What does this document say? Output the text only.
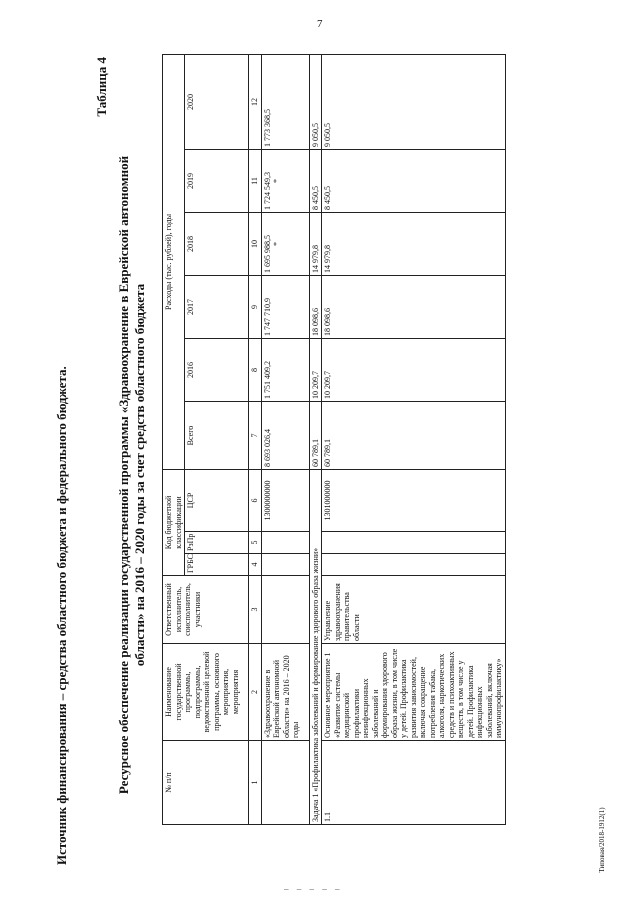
7
Типовая/2018-1912(1)
– – – – –
Источник финансирования – средства областного бюджета и федерального бюджета.
Таблица 4
Ресурсное обеспечение реализации государственной программы «Здравоохранение в Еврейской автономной области» на 2016 – 2020 годы за счет средств областного бюджета
№ п/п	Наименование государственной программы, подпрограммы, ведомственной целевой программы, основного мероприятия, мероприятия	Ответственный исполнитель, соисполнитель, участники	Код бюджетной классификации			Расходы (тыс. рублей), годы					
			ГРБС	РзПр	ЦСР	Всего	2016	2017	2018	2019	2020
1	2	3	4	5	6	7	8	9	10	11	12
	«Здравоохранение в Еврейской автономной области» на 2016 – 2020 годы				1300000000	8 693 026,4	1 751 409,2	1 747 710,9	1 695 988,5 *	1 724 549,3 *	1 773 368,5
Задача 1 «Профилактика заболеваний и формирование здорового образа жизни»						60 789,1	10 209,7	18 098,6	14 979,8	8 450,5	9 050,5
1.1	Основное мероприятие 1 «Развитие системы медицинской профилактики неинфекционных заболеваний и формирования здорового образа жизни, в том числе у детей. Профилактика развития зависимостей, включая сокращение потребления табака, алкоголя, наркотических средств и психоактивных веществ, в том числе у детей. Профилактика инфекционных заболеваний, включая иммунопрофилактику»	Управление здравоохранения правительства области			1301000000	60 789,1	10 209,7	18 098,6	14 979,8	8 450,5	9 050,5
